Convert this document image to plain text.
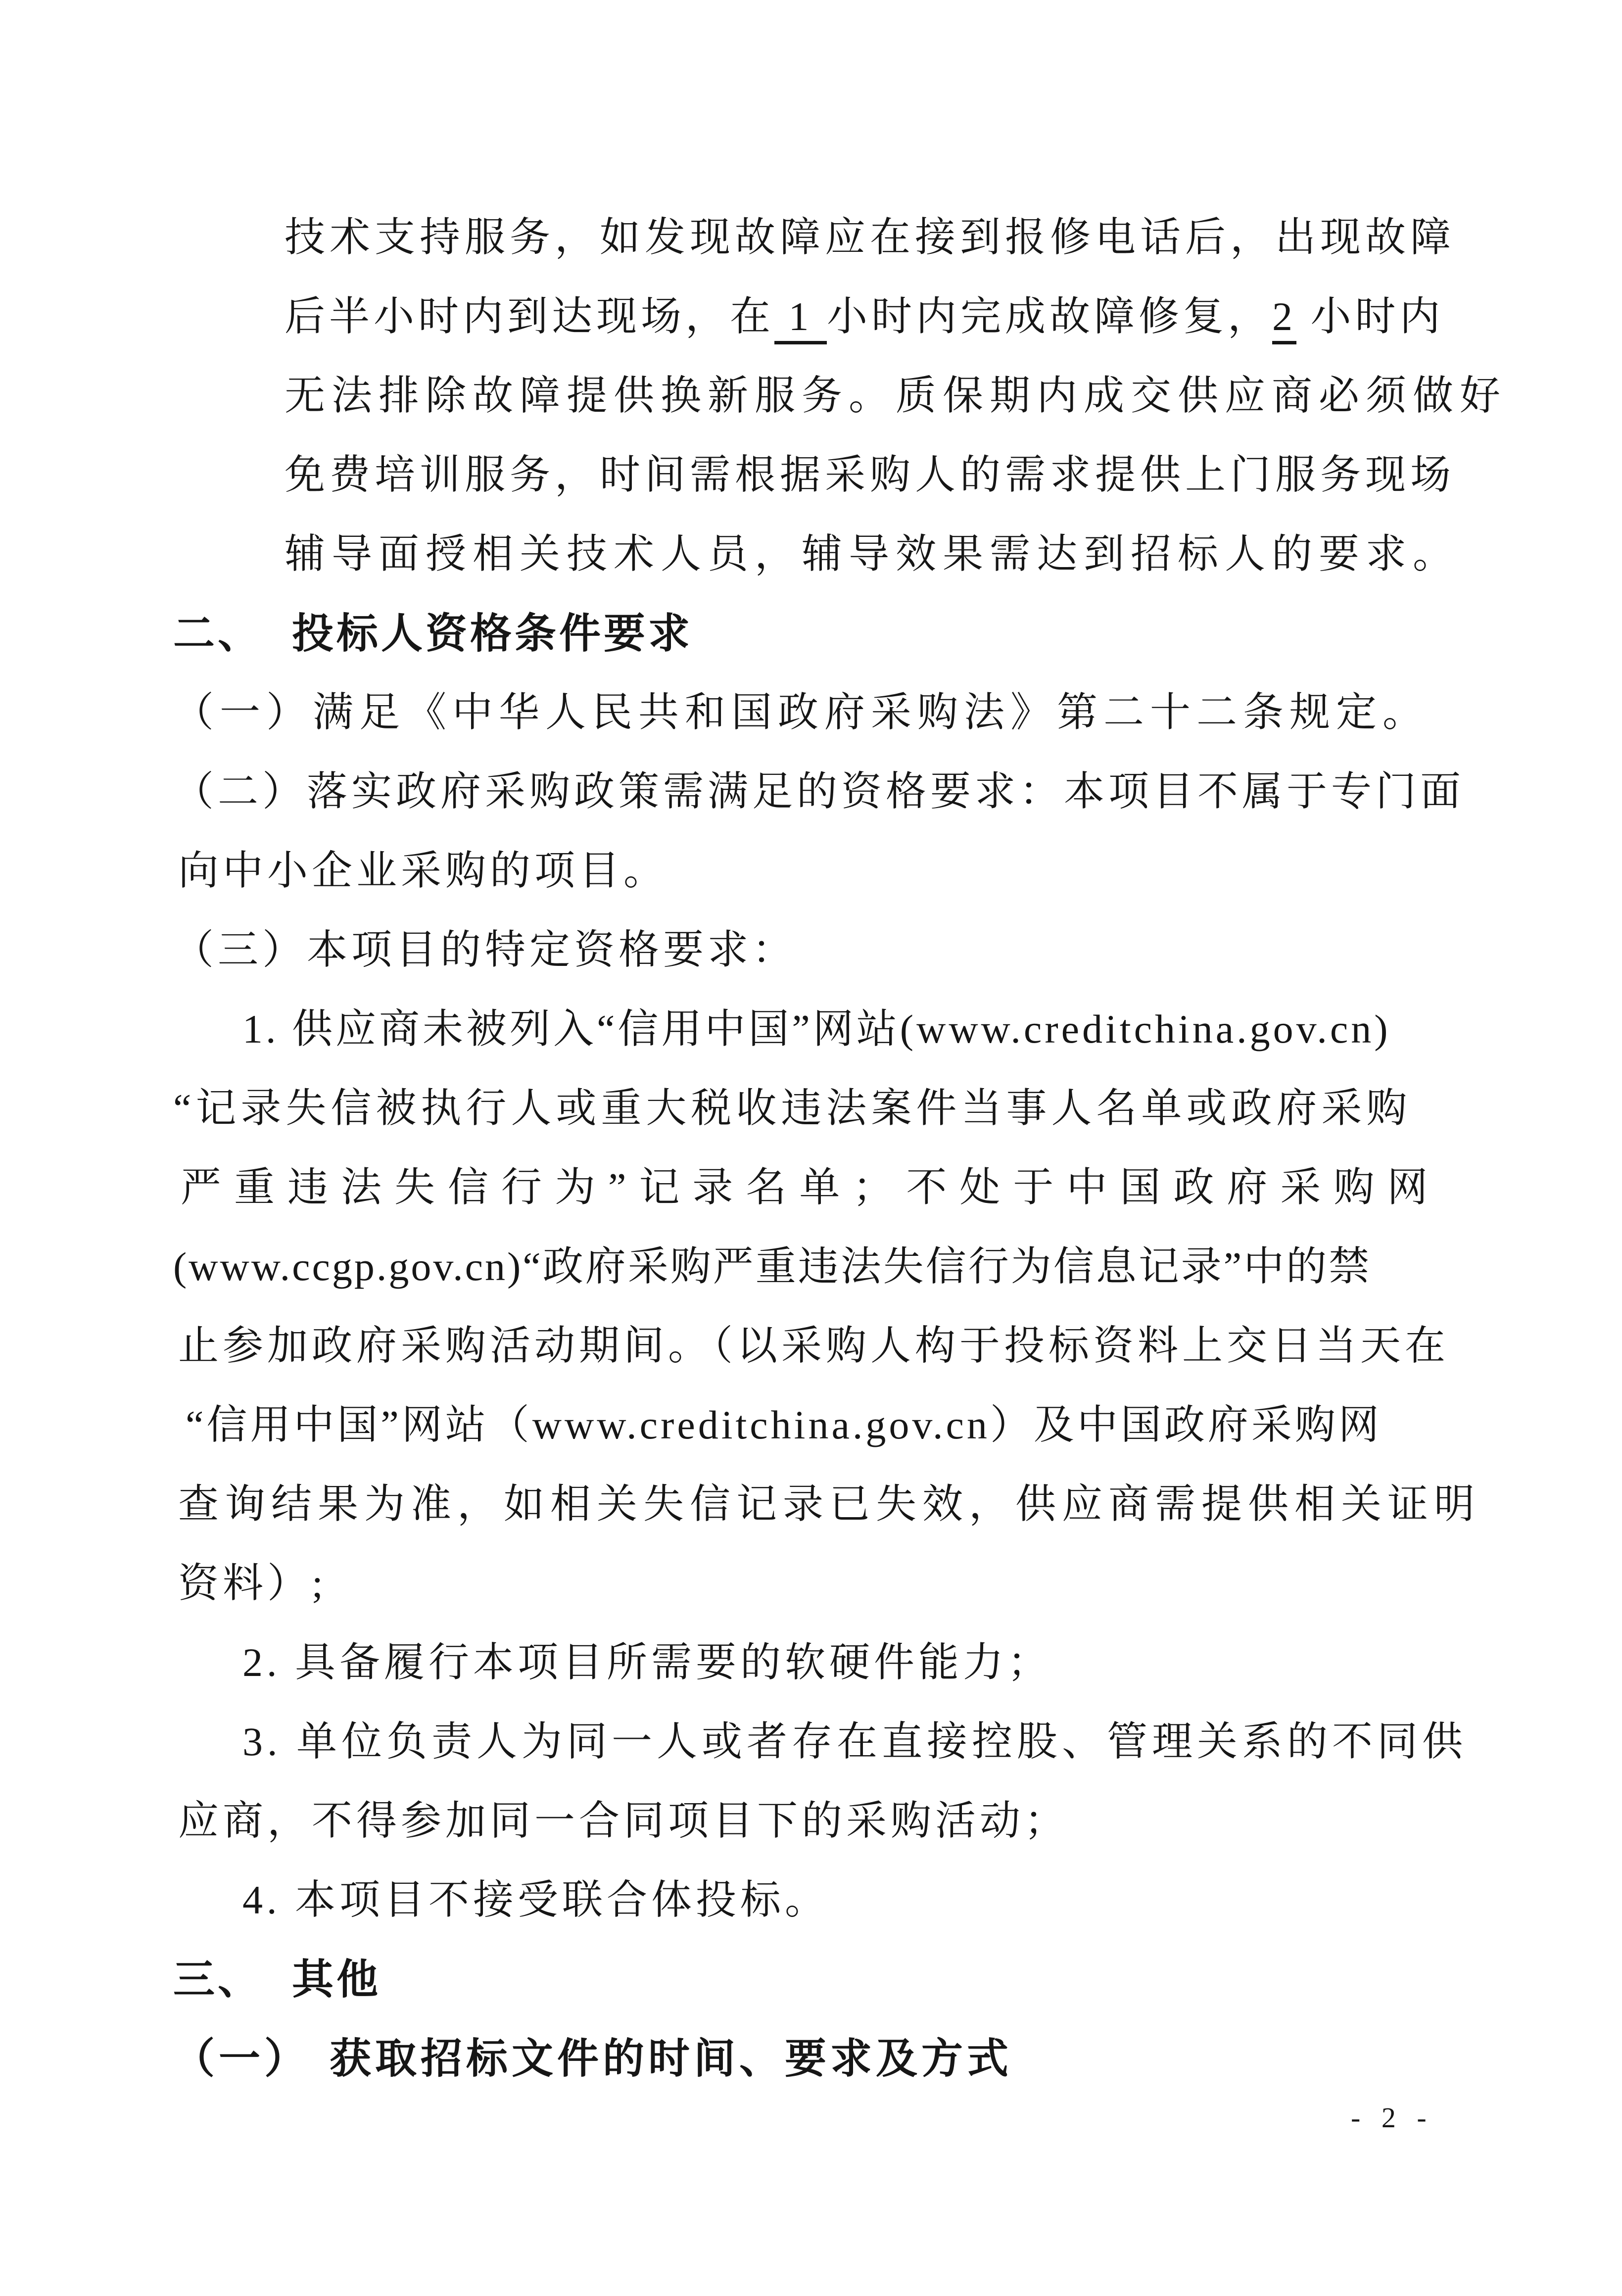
技术支持服务，如发现故障应在接到报修电话后，出现故障
后半小时内到达现场，在 1 小时内完成故障修复，2 小时内
无法排除故障提供换新服务。质保期内成交供应商必须做好
免费培训服务，时间需根据采购人的需求提供上门服务现场
辅导面授相关技术人员，辅导效果需达到招标人的要求。
二、 投标人资格条件要求
（一）满足《中华人民共和国政府采购法》第二十二条规定。
（二）落实政府采购政策需满足的资格要求：本项目不属于专门面
向中小企业采购的项目。
（三）本项目的特定资格要求：
1. 供应商未被列入“信用中国”网站(www.creditchina.gov.cn)
“记录失信被执行人或重大税收违法案件当事人名单或政府采购
严重违法失信行为”记录名单；不处于中国政府采购网
(www.ccgp.gov.cn)“政府采购严重违法失信行为信息记录”中的禁
止参加政府采购活动期间。（以采购人构于投标资料上交日当天在
“信用中国”网站（www.creditchina.gov.cn）及中国政府采购网
查询结果为准，如相关失信记录已失效，供应商需提供相关证明
资料）;
2. 具备履行本项目所需要的软硬件能力；
3. 单位负责人为同一人或者存在直接控股、管理关系的不同供
应商，不得参加同一合同项目下的采购活动；
4. 本项目不接受联合体投标。
三、 其他
（一） 获取招标文件的时间、要求及方式
- 2 -
